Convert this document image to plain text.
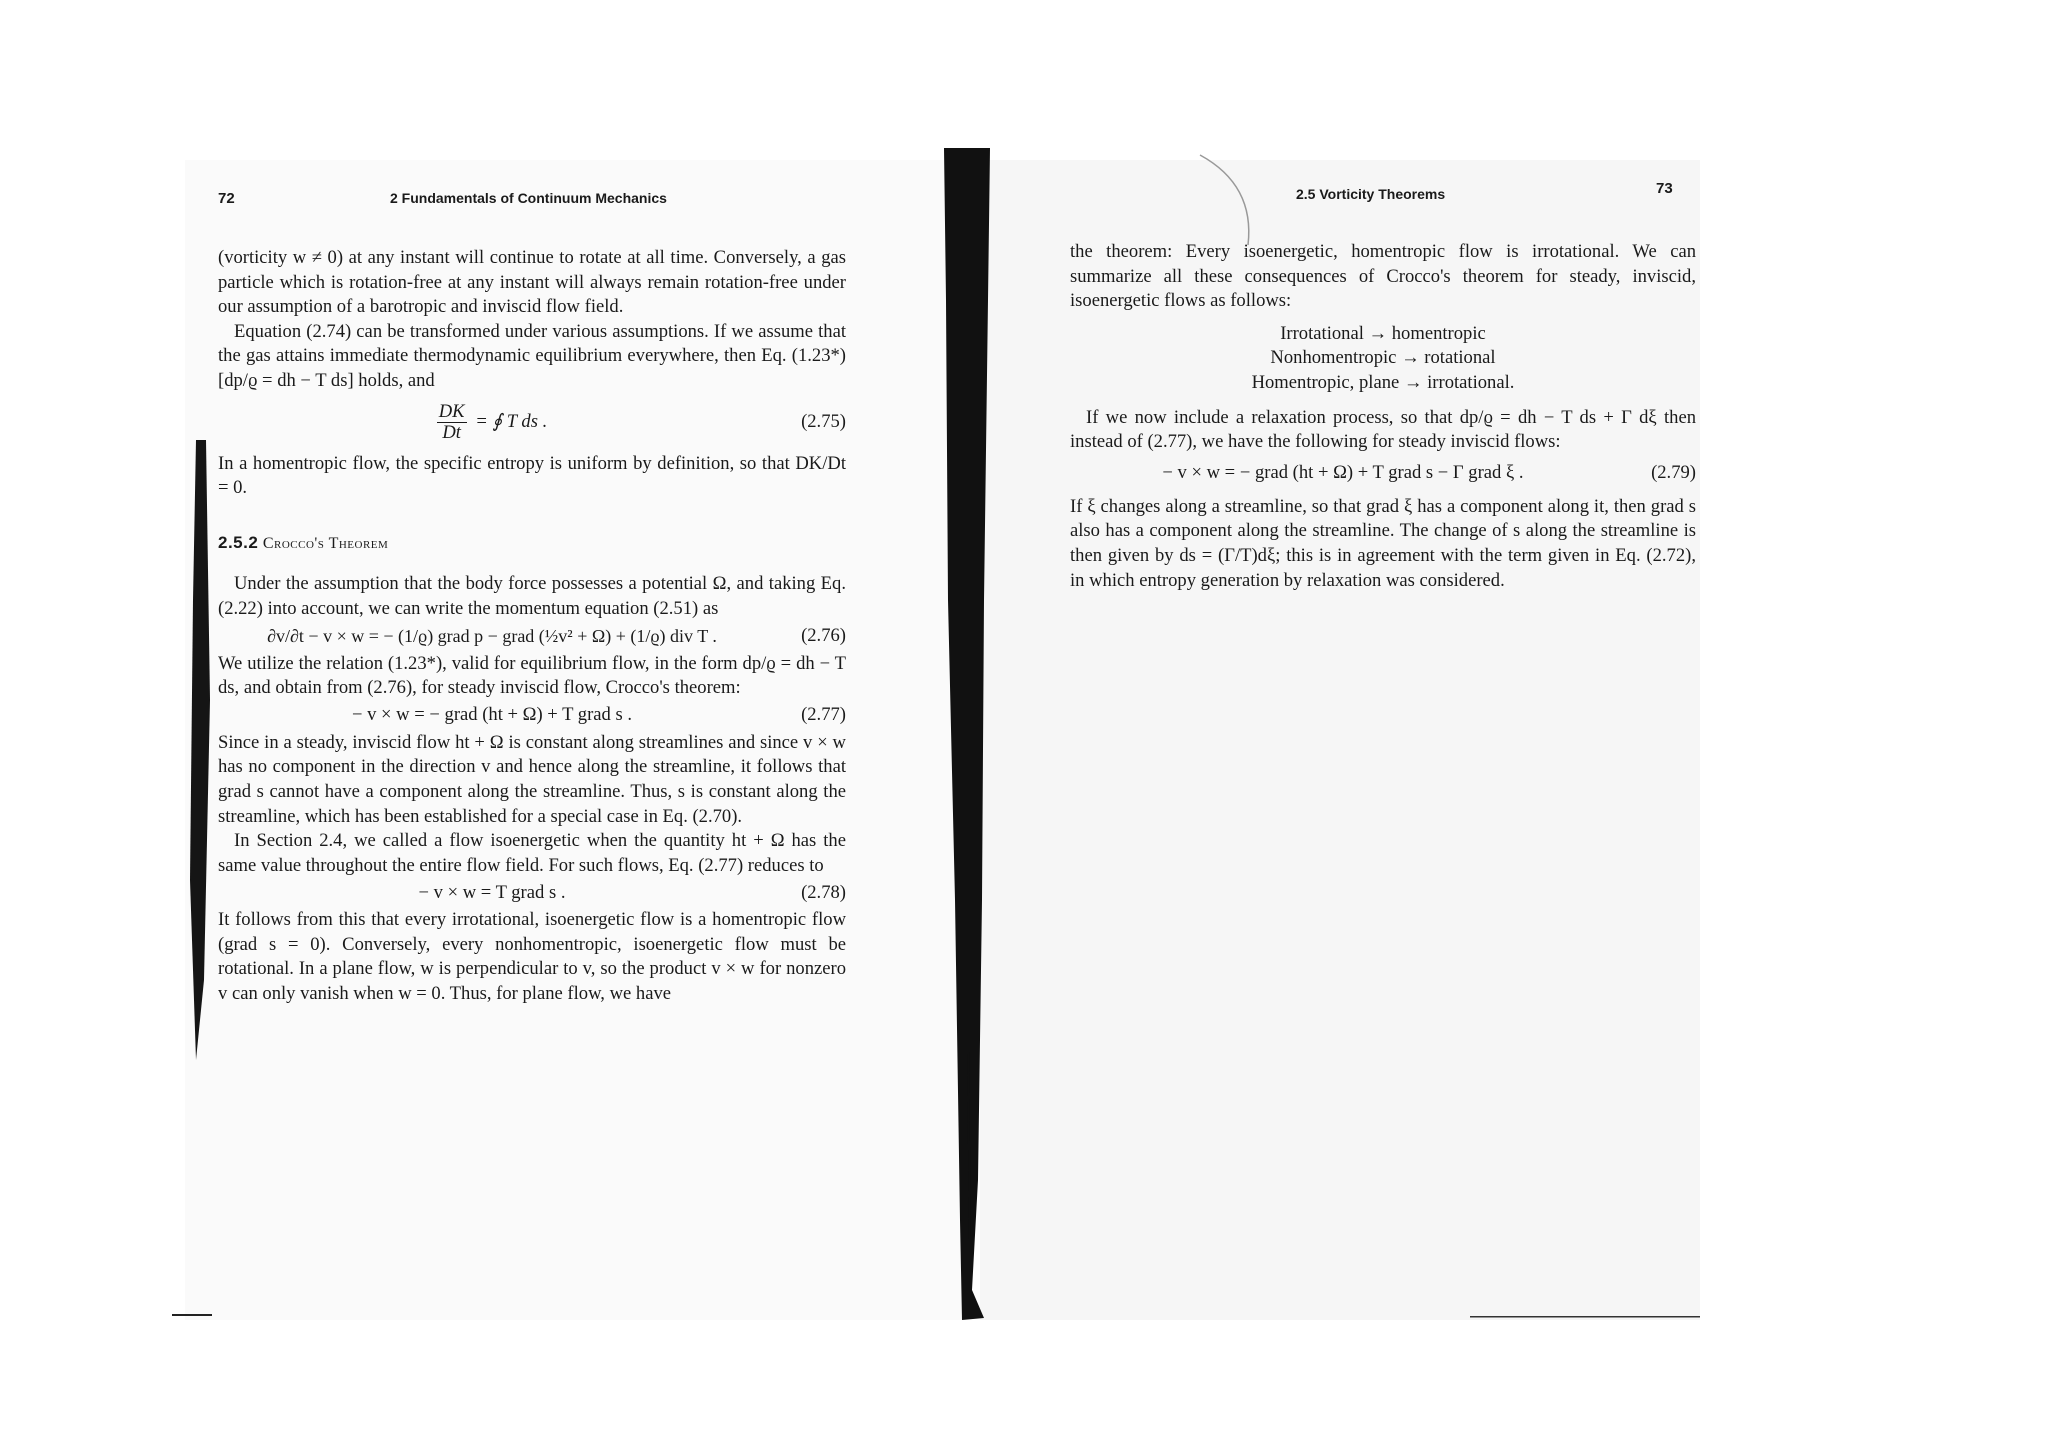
72	2 Fundamentals of Continuum Mechanics

(vorticity w ≠ 0) at any instant will continue to rotate at all time. Conversely, a gas particle which is rotation-free at any instant will always remain rotation-free under our assumption of a barotropic and inviscid flow field.

Equation (2.74) can be transformed under various assumptions. If we assume that the gas attains immediate thermodynamic equilibrium everywhere, then Eq. (1.23*) [dp/ϱ = dh − T ds] holds, and

$\frac{DK}{Dt}$ = ∮ T ds .	(2.75)

In a homentropic flow, the specific entropy is uniform by definition, so that DK/Dt = 0.

2.5.2 Crocco's Theorem

Under the assumption that the body force possesses a potential Ω, and taking Eq. (2.22) into account, we can write the momentum equation (2.51) as

∂v/∂t − v × w = − (1/ϱ) grad p − grad (½v² + Ω) + (1/ϱ) div T .	(2.76)

We utilize the relation (1.23*), valid for equilibrium flow, in the form dp/ϱ = dh − T ds, and obtain from (2.76), for steady inviscid flow, Crocco's theorem:

− v × w = − grad (ht + Ω) + T grad s .	(2.77)

Since in a steady, inviscid flow ht + Ω is constant along streamlines and since v × w has no component in the direction v and hence along the streamline, it follows that grad s cannot have a component along the streamline. Thus, s is constant along the streamline, which has been established for a special case in Eq. (2.70).

In Section 2.4, we called a flow isoenergetic when the quantity ht + Ω has the same value throughout the entire flow field. For such flows, Eq. (2.77) reduces to

− v × w = T grad s .	(2.78)

It follows from this that every irrotational, isoenergetic flow is a homentropic flow (grad s = 0). Conversely, every nonhomentropic, isoenergetic flow must be rotational. In a plane flow, w is perpendicular to v, so the product v × w for nonzero v can only vanish when w = 0. Thus, for plane flow, we have

2.5 Vorticity Theorems	73

the theorem: Every isoenergetic, homentropic flow is irrotational. We can summarize all these consequences of Crocco's theorem for steady, inviscid, isoenergetic flows as follows:

Irrotational → homentropic
Nonhomentropic → rotational
Homentropic, plane → irrotational.

If we now include a relaxation process, so that dp/ϱ = dh − T ds + Γ dξ then instead of (2.77), we have the following for steady inviscid flows:

− v × w = − grad (ht + Ω) + T grad s − Γ grad ξ .	(2.79)

If ξ changes along a streamline, so that grad ξ has a component along it, then grad s also has a component along the streamline. The change of s along the streamline is then given by ds = (Γ/T)dξ; this is in agreement with the term given in Eq. (2.72), in which entropy generation by relaxation was considered.
